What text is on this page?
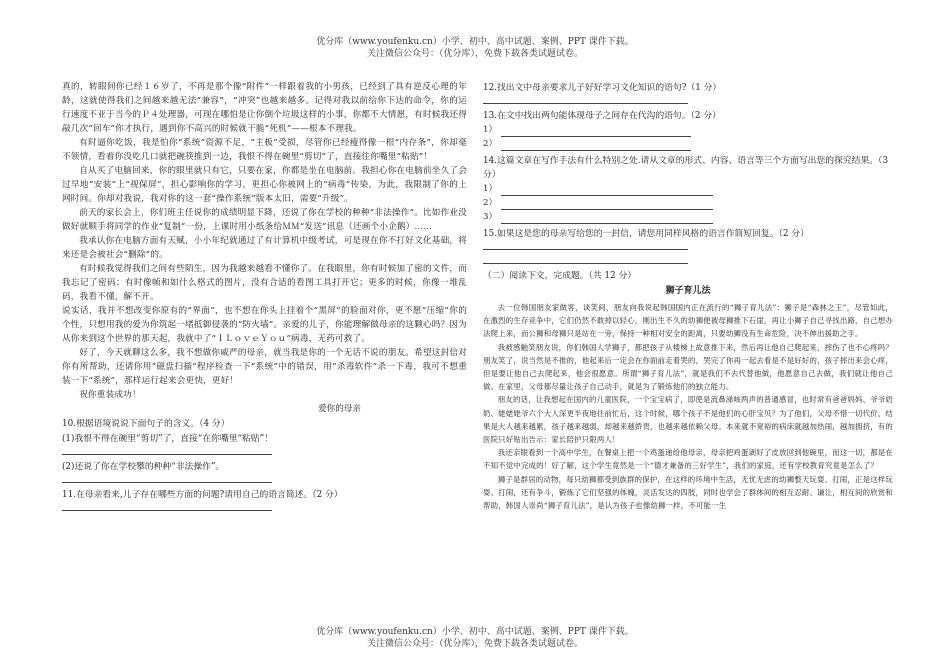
优分库（www.youfenku.cn）小学、初中、高中试题、案例、PPT 课件下载。
关注微信公众号：（优分库），免费下载各类试题试卷。

真的，转眼间你已经１６岁了，不再是那个像“附件”一样跟着我的小男孩，已经到了具有逆反心理的年龄，这就使得我们之间越来越无法“兼容”，“冲突”也越来越多。记得对我以前给你下达的命令，你的运行速度不亚于当今的Ｐ４处理器，可现在哪怕是让你倒个垃圾这样的小事，你都不大情愿，有时候我还得敲几次“回车”你才执行，遇到你不高兴的时候就干脆“死机”——根本不理我。

有时逼你吃饭，我是怕你“系统”资源不足，“主板”受损，尽管你已经瘦得像一根“内存条”，你却毫不领情，看着你没吃几口就把碗筷推到一边，我恨不得在碗里“剪切”了，直接往你嘴里“粘贴”！

自从买了电脑回来，你的眼里就只有它，只要在家，你都是坐在电脑前。我担心你在电脑前坐久了会过早地“安装”上“视保屏”，担心影响你的学习，更担心你被网上的“病毒”传染，为此，我限制了你的上网时间。你却对我说，我对你的这一套“操作系统”版本太旧，需要“升级”。

前天的家长会上，你们班主任说你的成绩明显下降，还说了你在学校的种种“非法操作”。比如作业没做好就顺手将同学的作业“复制”一份，上课时用小纸条给ＭＭ“发送”讯息（还画个小企鹅）……

我承认你在电脑方面有天赋，小小年纪就通过了有计算机中级考试，可是现在你不打好文化基础，将来还是会被社会“删除”的。

有时候我觉得我们之间有些陌生，因为我越来越看不懂你了。在我眼里，你有时候加了密的文件，而我忘记了密码；有时像帧和如什么格式的图片，没有合适的看图工具打开它；更多的时候，你像一堆乱码，我看不懂，解不开。

说实话，我并不想改变你原有的“界面”，也不想在你头上挂着个“黑屏”的脸面对你，更不愿“压缩”你的个性，只想用我的爱为你筑起一堵抵御侵袭的“防火墙”。亲爱的儿子，你能理解做母亲的这颗心吗？因为从你来到这个世界的那天起，我就中了“ＩＬｏｖｅＹｏｕ”病毒，无药可救了。

好了，今天就聊这么多，我不想做你威严的母亲，就当我是你的一个无话不说的朋友。希望这封信对你有所帮助，还请你用“磁盘扫描”程序检查一下“系统”中的错误，用“杀毒软件”杀一下毒，我可不想重装一下“系统”，那样运行起来会更快，更好！

祝你重装成功！

爱你的母亲

10.根据语境说说下面句子的含义。（4 分）
(1)我恨不得在碗里“剪切”了，直接“在你嘴里“粘贴”！
(2)还说了你在学校攀的种种“非法操作”。
11.在母亲看来,儿子存在哪些方面的问题?请用自己的语言简述。（2 分）
12.找出文中母亲要求儿子好好学习文化知识的语句?（1 分）
13.在文中找出两句能体现母子之间存在代沟的语句。（2 分）
1）
2）
14.这篇文章在写作手法有什么特别之处.请从文章的形式、内容、语言等三个方面写出您的探究结果。（3 分）
1）
2）
3）
15.如果这是您的母亲写给您的一封信，请您用同样风格的语言作简短回复。（2 分）
（二）阅读下文，完成题。（共 12 分）
狮子育儿法

去一位韩国朋友家做客，谈笑间，朋友向我说起韩国国内正在流行的“狮子育儿法”：狮子是“森林之王”，尽管如此，在激烈的生存竞争中，它们仍然不敢掉以轻心，刚出生不久的幼狮便被母狮推下石崖，再让小狮子自己寻找出路，自己想办法爬上来，而公狮和母狮只是站在一旁，保持一种相对安全的距离，只要幼狮没有生命危险，决不伸出援助之手。

我被感触笑朋友说，你们韩国人学狮子，都把孩子从楼梯上故意推下来，然后再让他自己爬起来，摔伤了也不心疼吗？朋友笑了，说当然是不推的，他起来后一定会在你面前走着哭的，哭完了你再一起去看是不是好好的，孩子摔出来会心疼，但是要让他自己去爬起来，他会很愿意。所谓“狮子育儿法”，就是我们不去代替他做，他愿意自己去做，我们就让他自己做。在家里，父母都尽量让孩子自己动手，就是为了锻炼他们的独立能力。

朋友的话，让我想起在国内的儿童医院，一个宝宝病了，即使是流鼻涕咳两声的普通感冒，也时常有爸爸妈妈、爷爷奶奶、姥姥姥爷六个大人深更半夜地往前忙后，这个时候，哪个孩子不是他们的心肝宝贝？为了他们，父母不惜一切代价，结果是大人越来越累，孩子越来越弱，却越来越娇贵，也越来越依赖父母。本来就不宽裕的病床就越加热闹，越加拥挤，有的医院只好贴出告示：家长陪护只限两人！

我还亲眼看到一个高中学生，在餐桌上把一个鸡蛋递给他母亲，母亲把鸡蛋剥好了皮放回到他碗里，而这一切，都是在不知不觉中完成的！好了解，这个学生竟然是一个“德才兼备的三好学生”，我们的家庭，还有学校教育究竟是怎么了？

狮子是群居的动物，每只幼狮都受到族群的保护，在这样的环境中生活，无忧无虑的幼狮整天玩耍、打闹，正是这样玩耍、打闹，还有争斗，锻炼了它们坚强的体魄，灵活发达的四肢，同时也学会了群体间的相互忍耐、谦让，相互间的欣赏和帮助，韩国人崇尚“狮子育儿法”，是认为孩子也像幼狮一样，不可能一生

优分库（www.youfenku.cn）小学、初中、高中试题、案例、PPT 课件下载。
关注微信公众号：（优分库），免费下载各类试题试卷。
